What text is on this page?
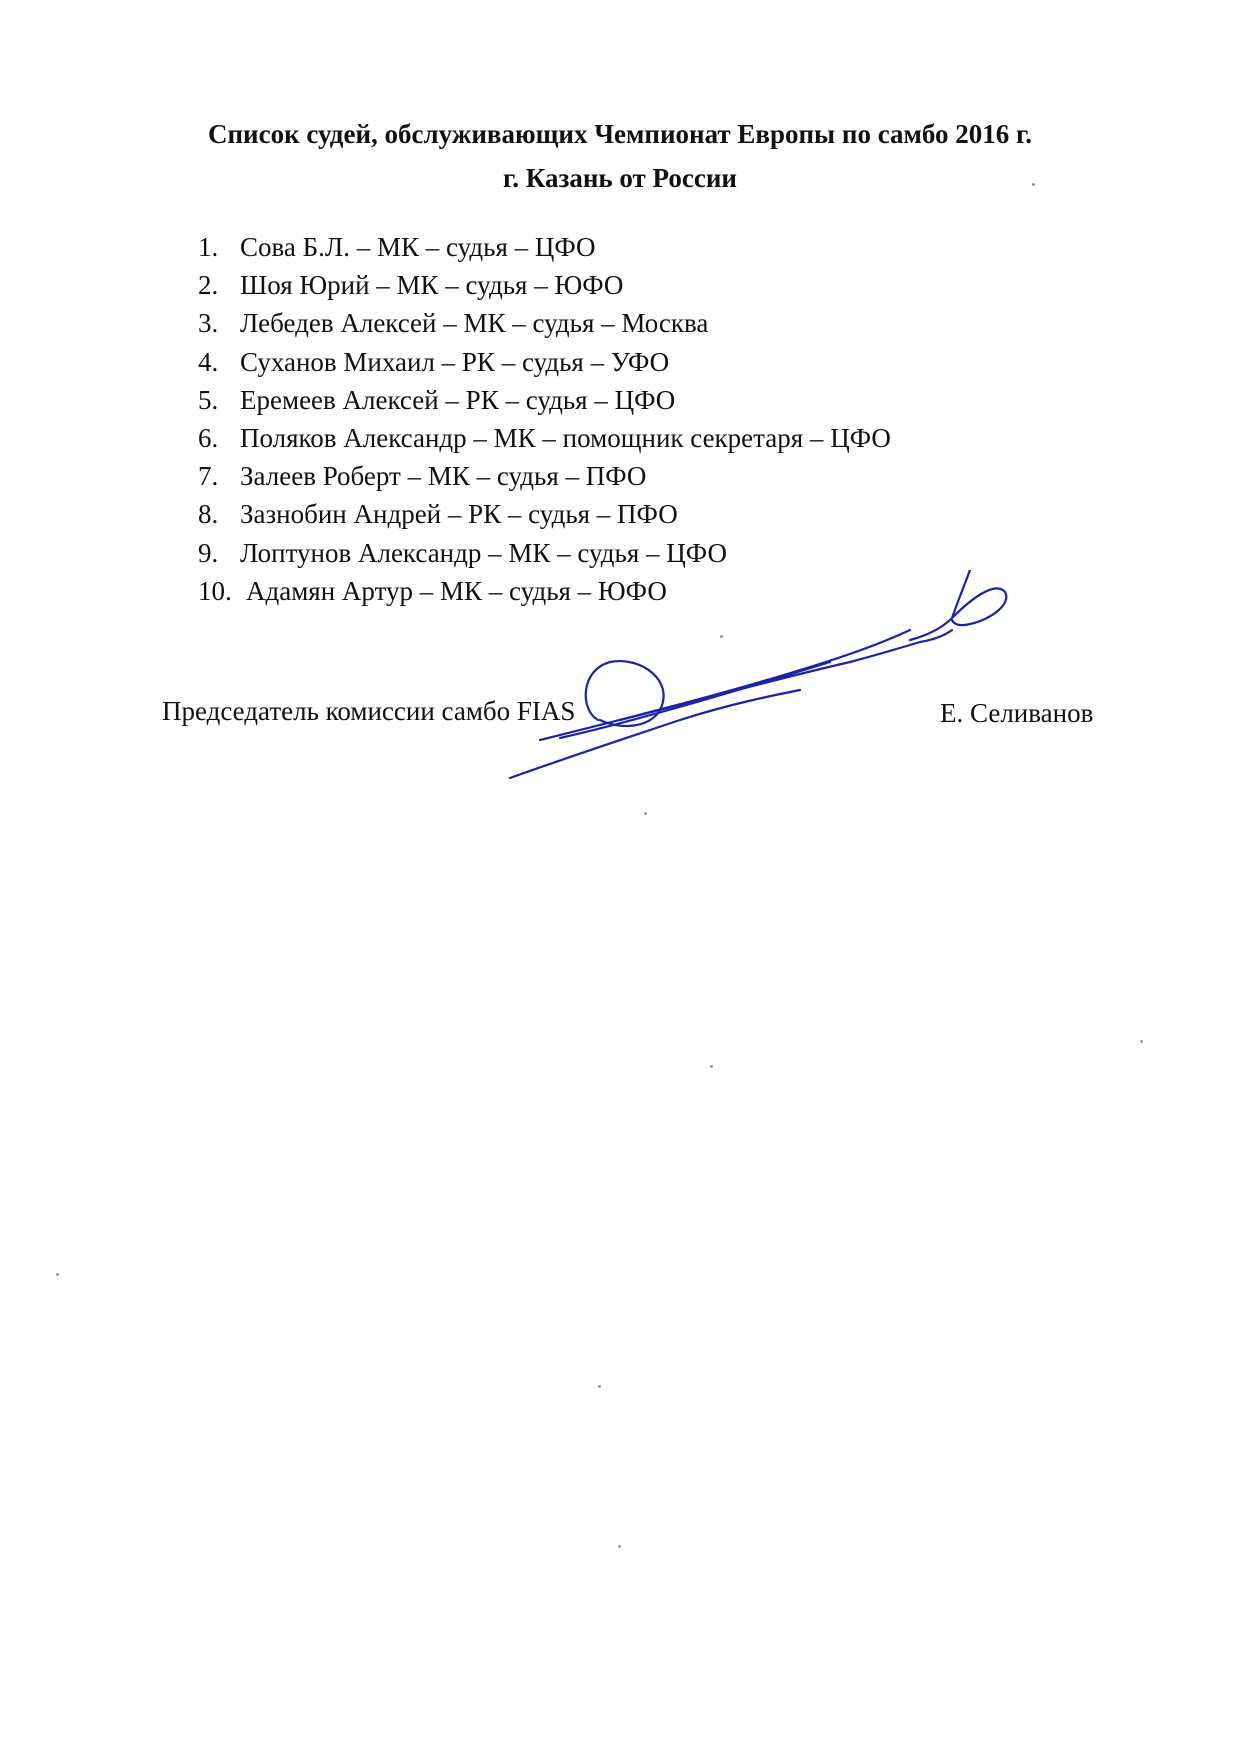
Список судей, обслуживающих Чемпионат Европы по самбо 2016 г.
г. Казань от России
1. Сова Б.Л. – МК – судья – ЦФО
2. Шоя Юрий – МК – судья – ЮФО
3. Лебедев Алексей – МК – судья – Москва
4. Суханов Михаил – РК – судья – УФО
5. Еремеев Алексей – РК – судья – ЦФО
6. Поляков Александр – МК – помощник секретаря – ЦФО
7. Залеев Роберт – МК – судья – ПФО
8. Зазнобин Андрей – РК – судья – ПФО
9. Лоптунов Александр – МК – судья – ЦФО
10. Адамян Артур – МК – судья – ЮФО
Председатель комиссии самбо FIAS	Е. Селиванов
